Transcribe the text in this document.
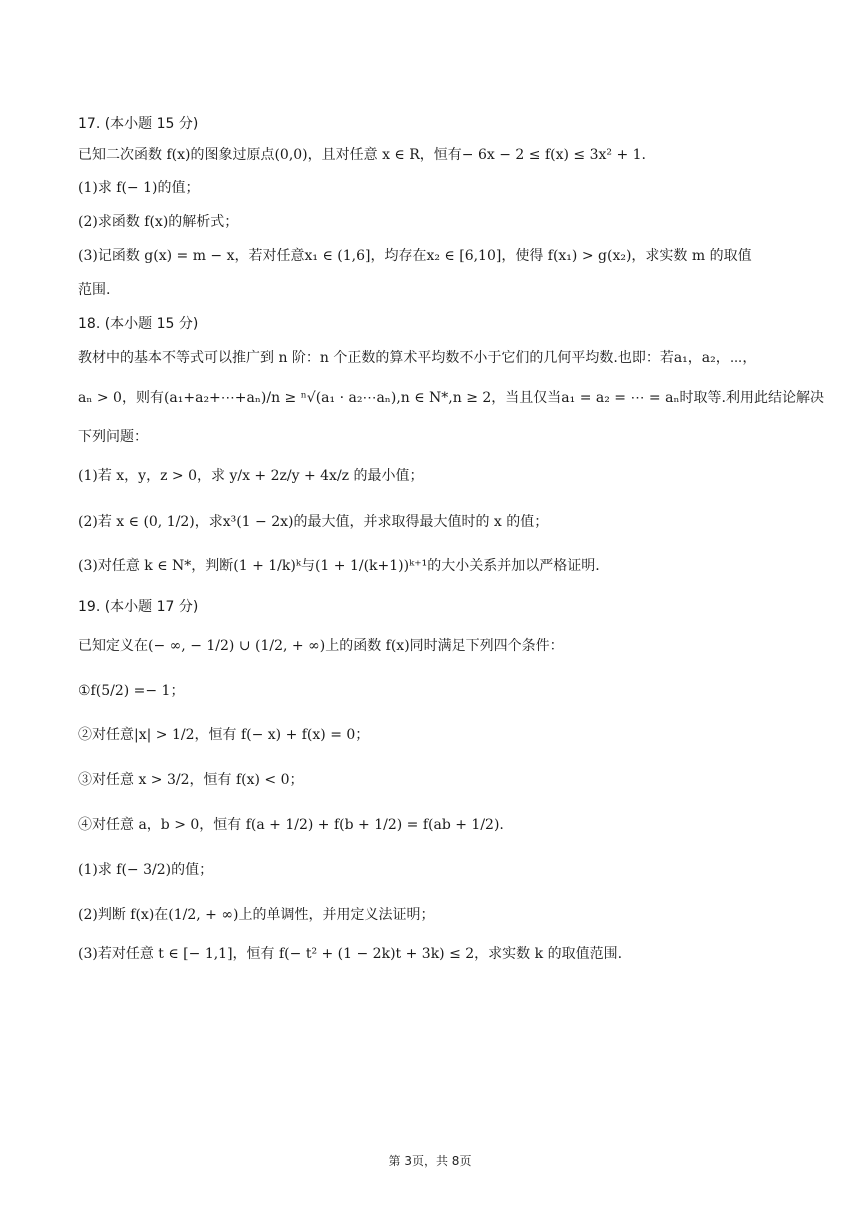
17. (本小题 15 分)
已知二次函数 f(x)的图象过原点(0,0)，且对任意 x ∈ R，恒有− 6x − 2 ≤ f(x) ≤ 3x² + 1.
(1)求 f(− 1)的值；
(2)求函数 f(x)的解析式；
(3)记函数 g(x) = m − x，若对任意x₁ ∈ (1,6]，均存在x₂ ∈ [6,10]，使得 f(x₁) > g(x₂)，求实数 m 的取值
范围.
18. (本小题 15 分)
教材中的基本不等式可以推广到 n 阶：n 个正数的算术平均数不小于它们的几何平均数.也即：若a₁，a₂，⋯，
aₙ > 0，则有(a₁+a₂+⋯+aₙ)/n ≥ ⁿ√(a₁ · a₂⋯aₙ),n ∈ N*,n ≥ 2，当且仅当a₁ = a₂ = ⋯ = aₙ时取等.利用此结论解决
下列问题：
(1)若 x，y，z > 0，求 y/x + 2z/y + 4x/z 的最小值；
(2)若 x ∈ (0, 1/2)，求x³(1 − 2x)的最大值，并求取得最大值时的 x 的值；
(3)对任意 k ∈ N*，判断(1 + 1/k)ᵏ与(1 + 1/(k+1))ᵏ⁺¹的大小关系并加以严格证明.
19. (本小题 17 分)
已知定义在(− ∞, − 1/2) ∪ (1/2, + ∞)上的函数 f(x)同时满足下列四个条件：
①f(5/2) =− 1；
②对任意|x| > 1/2，恒有 f(− x) + f(x) = 0；
③对任意 x > 3/2，恒有 f(x) < 0；
④对任意 a，b > 0，恒有 f(a + 1/2) + f(b + 1/2) = f(ab + 1/2).
(1)求 f(− 3/2)的值；
(2)判断 f(x)在(1/2, + ∞)上的单调性，并用定义法证明；
(3)若对任意 t ∈ [− 1,1]，恒有 f(− t² + (1 − 2k)t + 3k) ≤ 2，求实数 k 的取值范围.
第 3页，共 8页
